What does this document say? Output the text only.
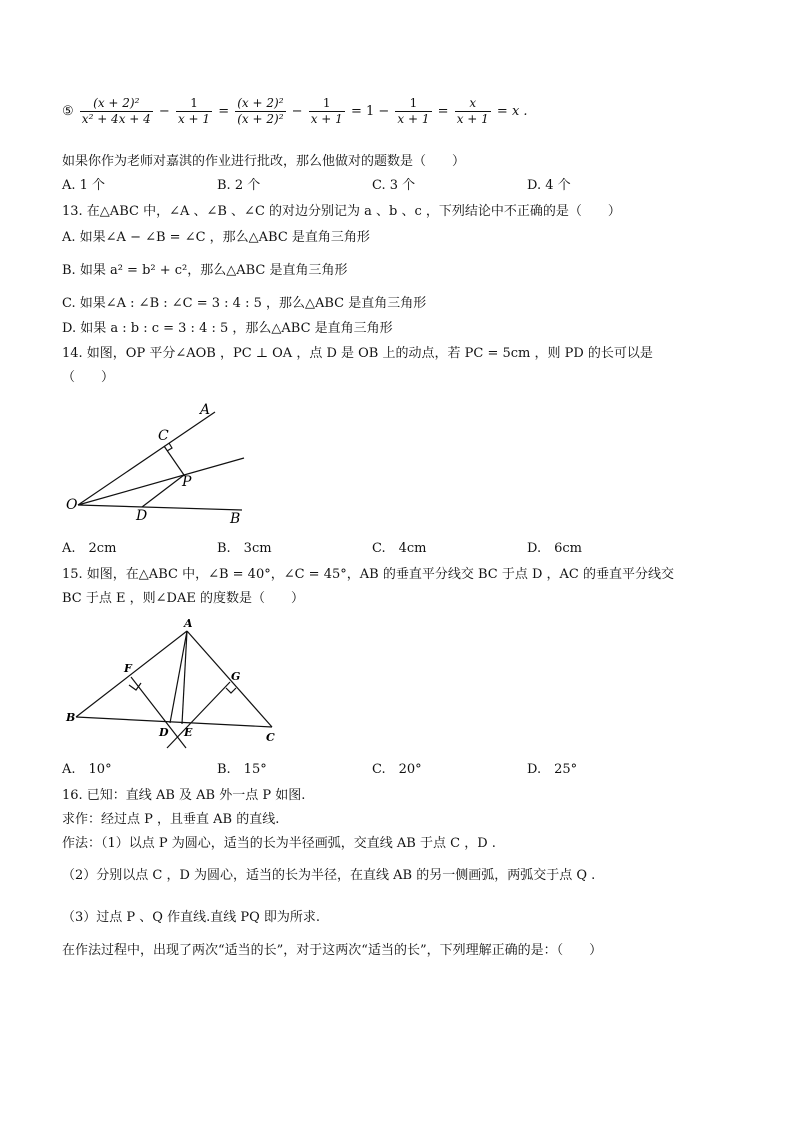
⑤ $\frac{\text{(x + 2)²}}{\text{x² + 4x + 4}} - \frac{1}{x + 1} = \frac{\text{(x + 2)²}}{\text{(x + 2)²}} - \frac{1}{x + 1} = 1 - \frac{1}{x + 1} = \frac{x}{x + 1} = x$ .
如果你作为老师对嘉淇的作业进行批改，那么他做对的题数是（　　）
A. 1 个	B. 2 个	C. 3 个	D. 4 个
13. 在△ABC 中，∠A 、∠B 、∠C 的对边分别记为 a 、b 、c ，下列结论中不正确的是（　　）
A. 如果∠A − ∠B = ∠C ，那么△ABC 是直角三角形
B. 如果 a² = b² + c²，那么△ABC 是直角三角形
C. 如果∠A : ∠B : ∠C = 3 : 4 : 5 ，那么△ABC 是直角三角形
D. 如果 a : b : c = 3 : 4 : 5 ，那么△ABC 是直角三角形
14. 如图，OP 平分∠AOB ，PC ⊥ OA ，点 D 是 OB 上的动点，若 PC = 5cm ，则 PD 的长可以是
（　　）
A
C
P
O
D	B
A.　2cm	B.　3cm	C.　4cm	D.　6cm
15. 如图，在△ABC 中，∠B = 40°，∠C = 45°，AB 的垂直平分线交 BC 于点 D ，AC 的垂直平分线交
BC 于点 E ，则∠DAE 的度数是（　　）
A
F
G
B
D E	C
A.　10°	B.　15°	C.　20°	D.　25°
16. 已知：直线 AB 及 AB 外一点 P 如图.
求作：经过点 P ，且垂直 AB 的直线.
作法：（1）以点 P 为圆心，适当的长为半径画弧，交直线 AB 于点 C ，D .
（2）分别以点 C ，D 为圆心，适当的长为半径，在直线 AB 的另一侧画弧，两弧交于点 Q .
（3）过点 P 、Q 作直线.直线 PQ 即为所求.
在作法过程中，出现了两次“适当的长”，对于这两次“适当的长”，下列理解正确的是：（　　）
